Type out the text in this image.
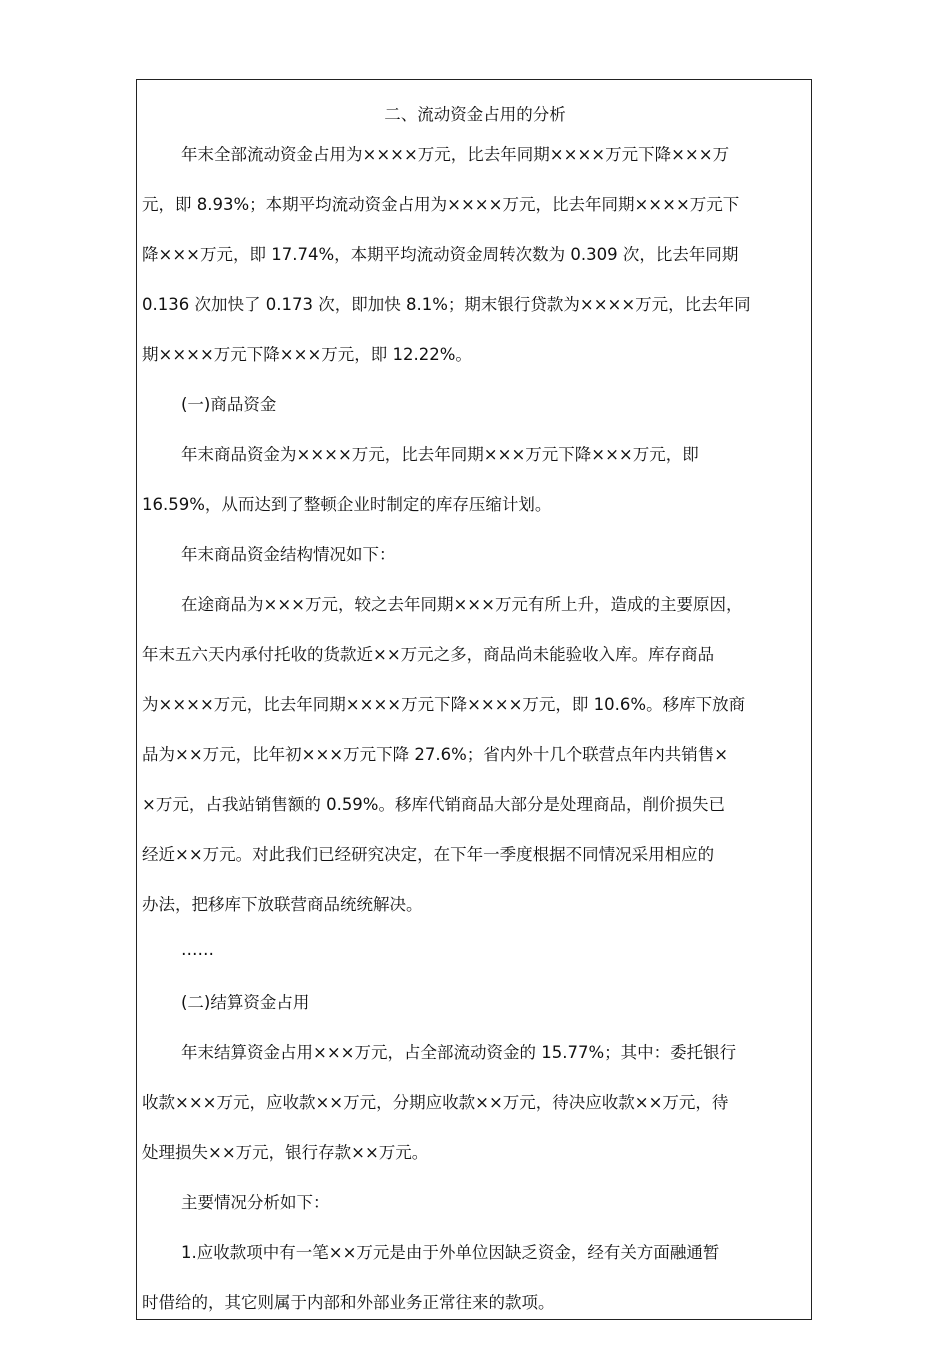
二、流动资金占用的分析
年末全部流动资金占用为××××万元，比去年同期××××万元下降×××万
元，即 8.93%；本期平均流动资金占用为××××万元，比去年同期××××万元下
降×××万元，即 17.74%，本期平均流动资金周转次数为 0.309 次，比去年同期
0.136 次加快了 0.173 次，即加快 8.1%；期末银行贷款为××××万元，比去年同
期××××万元下降×××万元，即 12.22%。
(一)商品资金
年末商品资金为××××万元，比去年同期×××万元下降×××万元，即
16.59%，从而达到了整顿企业时制定的库存压缩计划。
年末商品资金结构情况如下：
在途商品为×××万元，较之去年同期×××万元有所上升，造成的主要原因，
年末五六天内承付托收的货款近××万元之多，商品尚未能验收入库。库存商品
为××××万元，比去年同期××××万元下降××××万元，即 10.6%。移库下放商
品为××万元，比年初×××万元下降 27.6%；省内外十几个联营点年内共销售×
×万元，占我站销售额的 0.59%。移库代销商品大部分是处理商品，削价损失已
经近××万元。对此我们已经研究决定，在下年一季度根据不同情况采用相应的
办法，把移库下放联营商品统统解决。
……
(二)结算资金占用
年末结算资金占用×××万元，占全部流动资金的 15.77%；其中：委托银行
收款×××万元，应收款××万元，分期应收款××万元，待决应收款××万元，待
处理损失××万元，银行存款××万元。
主要情况分析如下：
1.应收款项中有一笔××万元是由于外单位因缺乏资金，经有关方面融通暂
时借给的，其它则属于内部和外部业务正常往来的款项。
